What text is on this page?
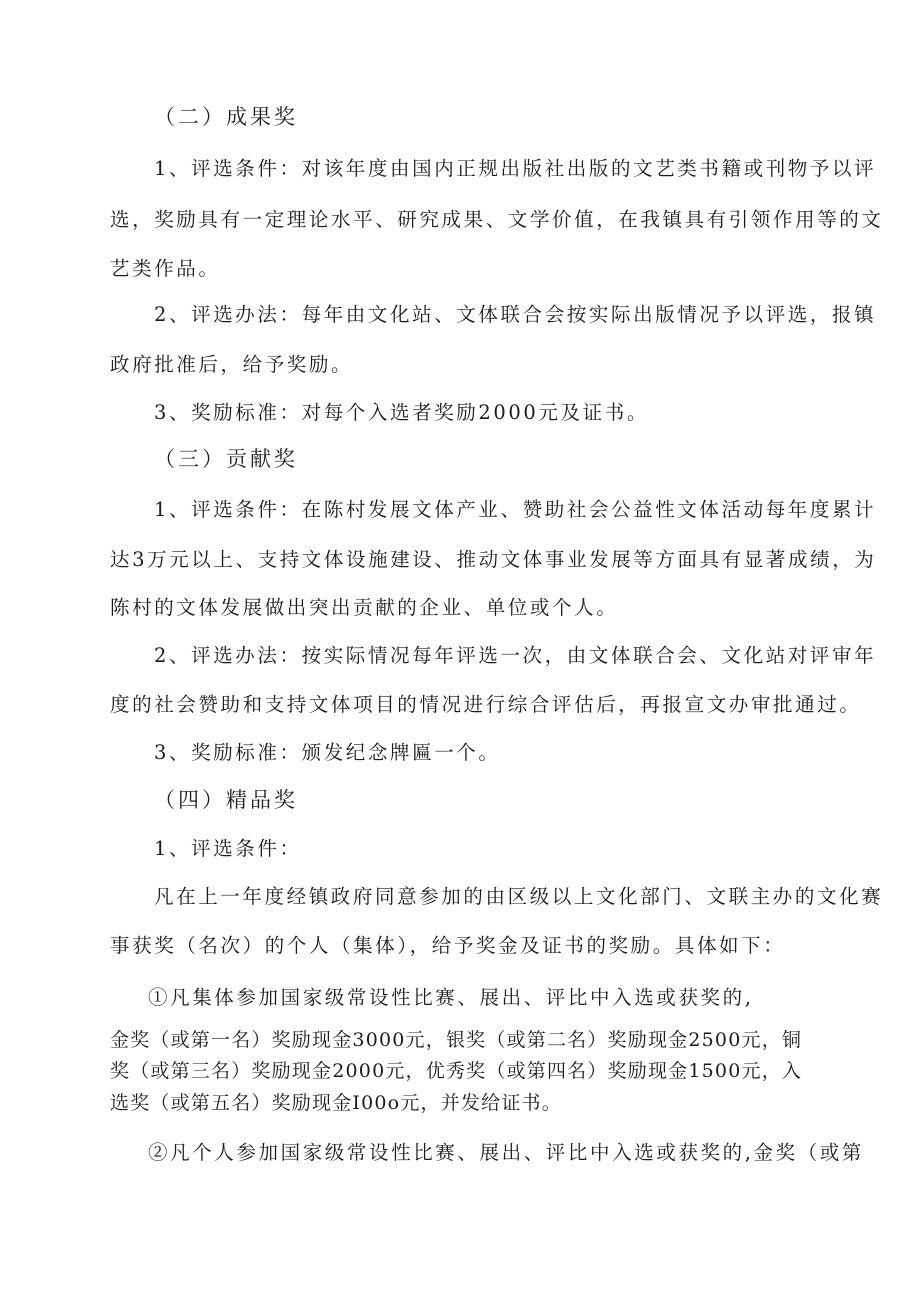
（二）成果奖

1、评选条件：对该年度由国内正规出版社出版的文艺类书籍或刊物予以评

选，奖励具有一定理论水平、研究成果、文学价值，在我镇具有引领作用等的文

艺类作品。

2、评选办法：每年由文化站、文体联合会按实际出版情况予以评选，报镇

政府批准后，给予奖励。

3、奖励标准：对每个入选者奖励2000元及证书。

（三）贡献奖

1、评选条件：在陈村发展文体产业、赞助社会公益性文体活动每年度累计

达3万元以上、支持文体设施建设、推动文体事业发展等方面具有显著成绩，为

陈村的文体发展做出突出贡献的企业、单位或个人。

2、评选办法：按实际情况每年评选一次，由文体联合会、文化站对评审年

度的社会赞助和支持文体项目的情况进行综合评估后，再报宣文办审批通过。

3、奖励标准：颁发纪念牌匾一个。

（四）精品奖

1、评选条件：

凡在上一年度经镇政府同意参加的由区级以上文化部门、文联主办的文化赛

事获奖（名次）的个人（集体），给予奖金及证书的奖励。具体如下：

①凡集体参加国家级常设性比赛、展出、评比中入选或获奖的,

金奖（或第一名）奖励现金3000元，银奖（或第二名）奖励现金2500元，铜

奖（或第三名）奖励现金2000元，优秀奖（或第四名）奖励现金1500元，入

选奖（或第五名）奖励现金I00o元，并发给证书。

②凡个人参加国家级常设性比赛、展出、评比中入选或获奖的,金奖（或第
